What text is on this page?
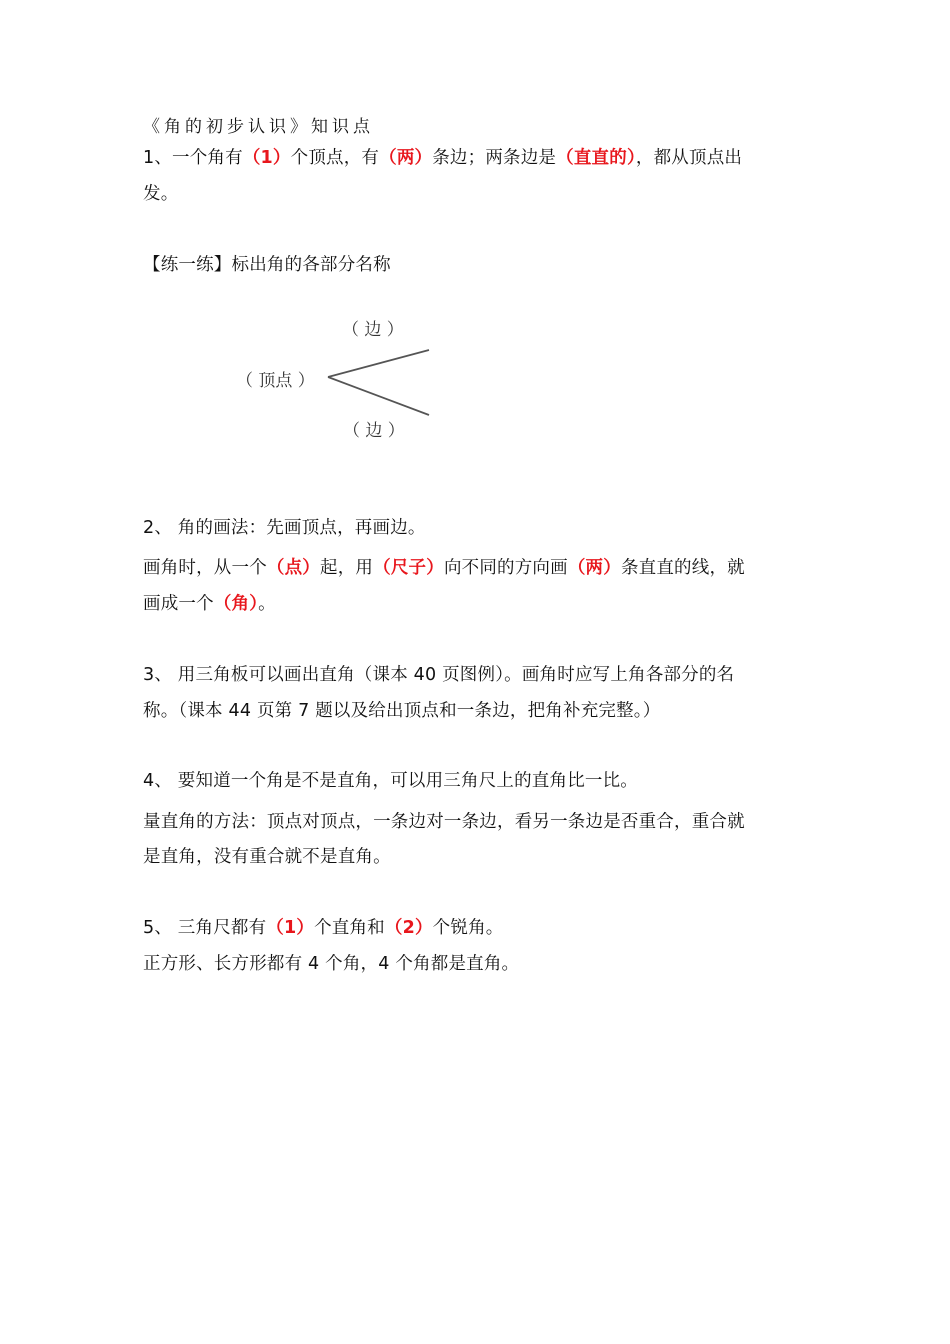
《角的初步认识》知识点
1、一个角有（1）个顶点，有（两）条边；两条边是（直直的），都从顶点出
发。
【练一练】标出角的各部分名称
（ 边 ）
（ 顶点 ）
（ 边 ）
2、 角的画法：先画顶点，再画边。
画角时，从一个（点）起，用（尺子）向不同的方向画（两）条直直的线，就
画成一个（角）。
3、 用三角板可以画出直角（课本 40 页图例）。画角时应写上角各部分的名
称。（课本 44 页第 7 题以及给出顶点和一条边，把角补充完整。）
4、 要知道一个角是不是直角，可以用三角尺上的直角比一比。
量直角的方法：顶点对顶点，一条边对一条边，看另一条边是否重合，重合就
是直角，没有重合就不是直角。
5、 三角尺都有（1）个直角和（2）个锐角。
正方形、长方形都有 4 个角，4 个角都是直角。
